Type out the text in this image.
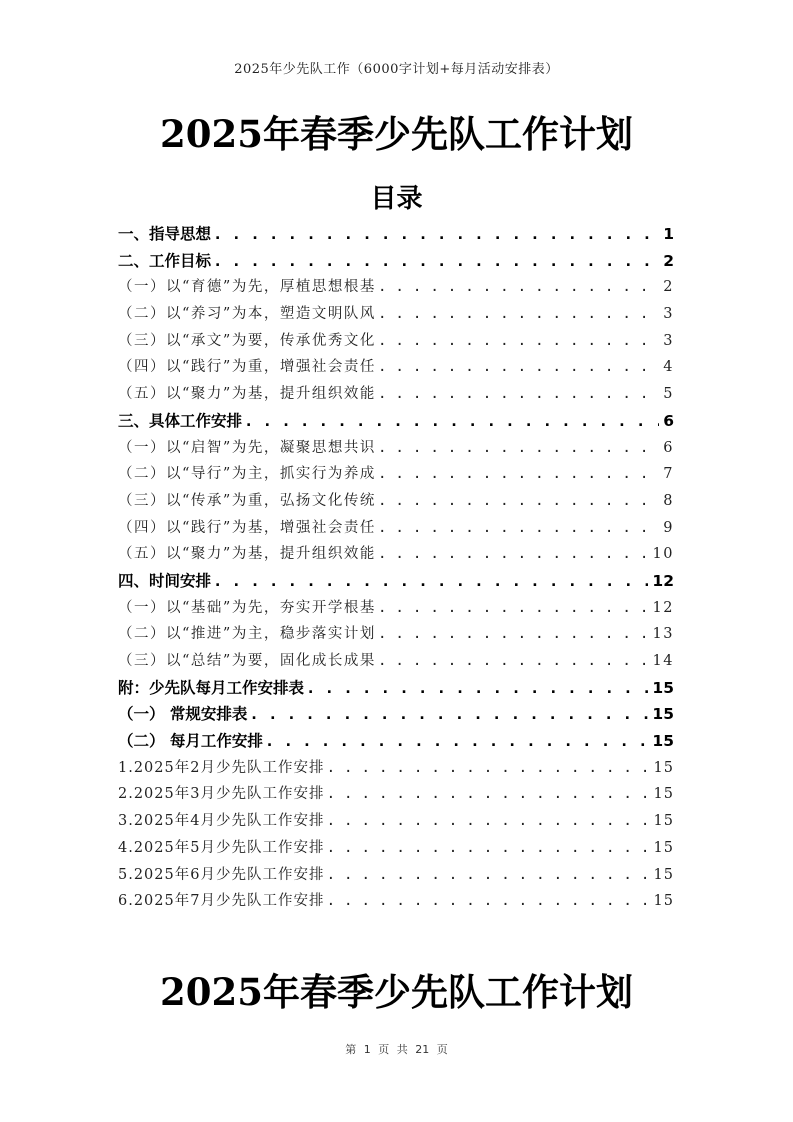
2025年少先队工作（6000字计划+每月活动安排表）
2025年春季少先队工作计划
目录
一、指导思想 . . .	1
二、工作目标 . . .	2
（一）以“育德”为先，厚植思想根基 . . .	2
（二）以“养习”为本，塑造文明队风 . . .	3
（三）以“承文”为要，传承优秀文化 . . .	3
（四）以“践行”为重，增强社会责任 . . .	4
（五）以“聚力”为基，提升组织效能 . . .	5
三、具体工作安排 . . .	6
（一）以“启智”为先，凝聚思想共识 . . .	6
（二）以“导行”为主，抓实行为养成 . . .	7
（三）以“传承”为重，弘扬文化传统 . . .	8
（四）以“践行”为基，增强社会责任 . . .	9
（五）以“聚力”为基，提升组织效能 . . .	10
四、时间安排 . . .	12
（一）以“基础”为先，夯实开学根基 . . .	12
（二）以“推进”为主，稳步落实计划 . . .	13
（三）以“总结”为要，固化成长成果 . . .	14
附：少先队每月工作安排表 . . .	15
（一） 常规安排表 . . .	15
（二） 每月工作安排 . . .	15
1.2025年2月少先队工作安排 . . .	15
2.2025年3月少先队工作安排 . . .	15
3.2025年4月少先队工作安排 . . .	15
4.2025年5月少先队工作安排 . . .	15
5.2025年6月少先队工作安排 . . .	15
6.2025年7月少先队工作安排 . . .	15
2025年春季少先队工作计划
第 1 页 共 21 页
